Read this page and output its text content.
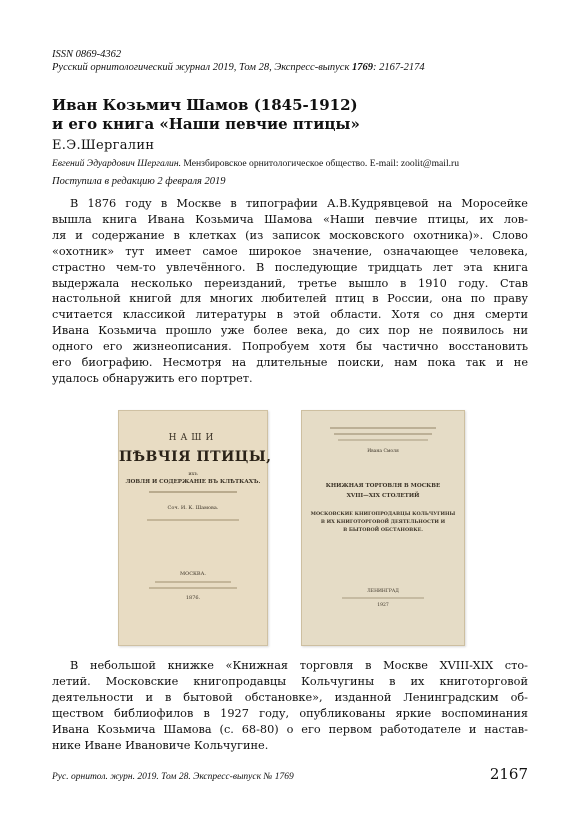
ISSN 0869-4362
Русский орнитологический журнал 2019, Том 28, Экспресс-выпуск 1769: 2167-2174
Иван Козьмич Шамов (1845-1912)
и его книга «Наши певчие птицы»
Е.Э.Шергалин
Евгений Эдуардович Шергалин. Мензбировское орнитологическое общество. E-mail: zoolit@mail.ru
Поступила в редакцию 2 февраля 2019
В 1876 году в Москве в типографии А.В.Кудрявцевой на Моросейке
вышла книга Ивана Козьмича Шамова «Наши певчие птицы, их лов-
ля и содержание в клетках (из записок московского охотника)». Слово
«охотник» тут имеет самое широкое значение, означающее человека,
страстно чем-то увлечённого. В последующие тридцать лет эта книга
выдержала несколько переизданий, третье вышло в 1910 году. Став
настольной книгой для многих любителей птиц в России, она по праву
считается классикой литературы в этой области. Хотя со дня смерти
Ивана Козьмича прошло уже более века, до сих пор не появилось ни
одного его жизнеописания. Попробуем хотя бы частично восстановить
его биографию. Несмотря на длительные поиски, нам пока так и не
удалось обнаружить его портрет.
НАШИ
ПѢВЧІЯ ПТИЦЫ,
ихъ
ЛОВЛЯ И СОДЕРЖАНІЕ ВЪ КЛѢТКАХЪ.
Соч. И. К. Шамова.
МОСКВА.
1876.
Ивана Смоля
КНИЖНАЯ ТОРГОВЛЯ В МОСКВЕ
XVIII—XIX СТОЛЕТИЙ
МОСКОВСКИЕ КНИГОПРОДАВЦЫ КОЛЬЧУГИНЫ
В ИХ КНИГОТОРГОВОЙ ДЕЯТЕЛЬНОСТИ И
В БЫТОВОЙ ОБСТАНОВКЕ.
ЛЕНИНГРАД
1927
В небольшой книжке «Книжная торговля в Москве XVIII-XIX сто-
летий. Московские книгопродавцы Кольчугины в их книготорговой
деятельности и в бытовой обстановке», изданной Ленинградским об-
ществом библиофилов в 1927 году, опубликованы яркие воспоминания
Ивана Козьмича Шамова (с. 68-80) о его первом работодателе и настав-
нике Иване Ивановиче Кольчугине.
Рус. орнитол. журн. 2019. Том 28. Экспресс-выпуск № 1769	2167
